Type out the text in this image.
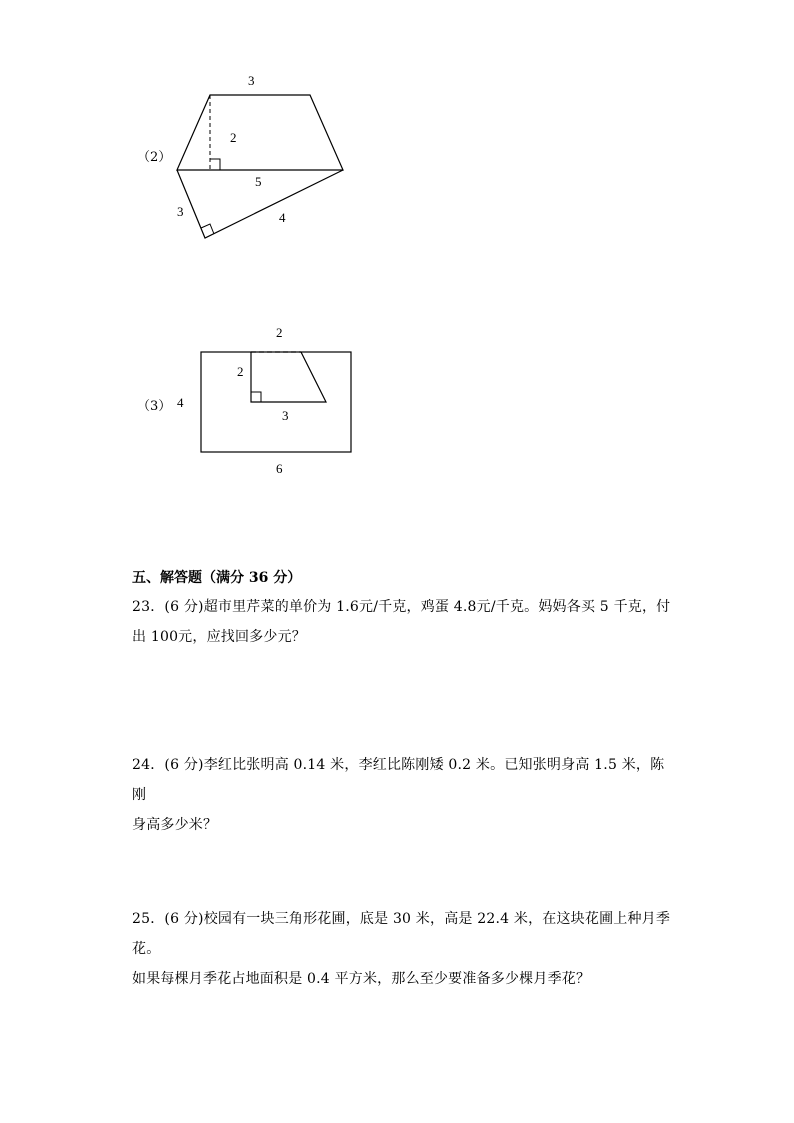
（2）
3
2
5
3	4
（3） 4
6
2
2
3
五、解答题（满分 36 分）
23．(6 分)超市里芹菜的单价为 1.6元/千克，鸡蛋 4.8元/千克。妈妈各买 5 千克，付
出 100元，应找回多少元？
24．(6 分)李红比张明高 0.14 米，李红比陈刚矮 0.2 米。已知张明身高 1.5 米，陈刚
身高多少米？
25．(6 分)校园有一块三角形花圃，底是 30 米，高是 22.4 米，在这块花圃上种月季花。
如果每棵月季花占地面积是 0.4 平方米，那么至少要准备多少棵月季花？
